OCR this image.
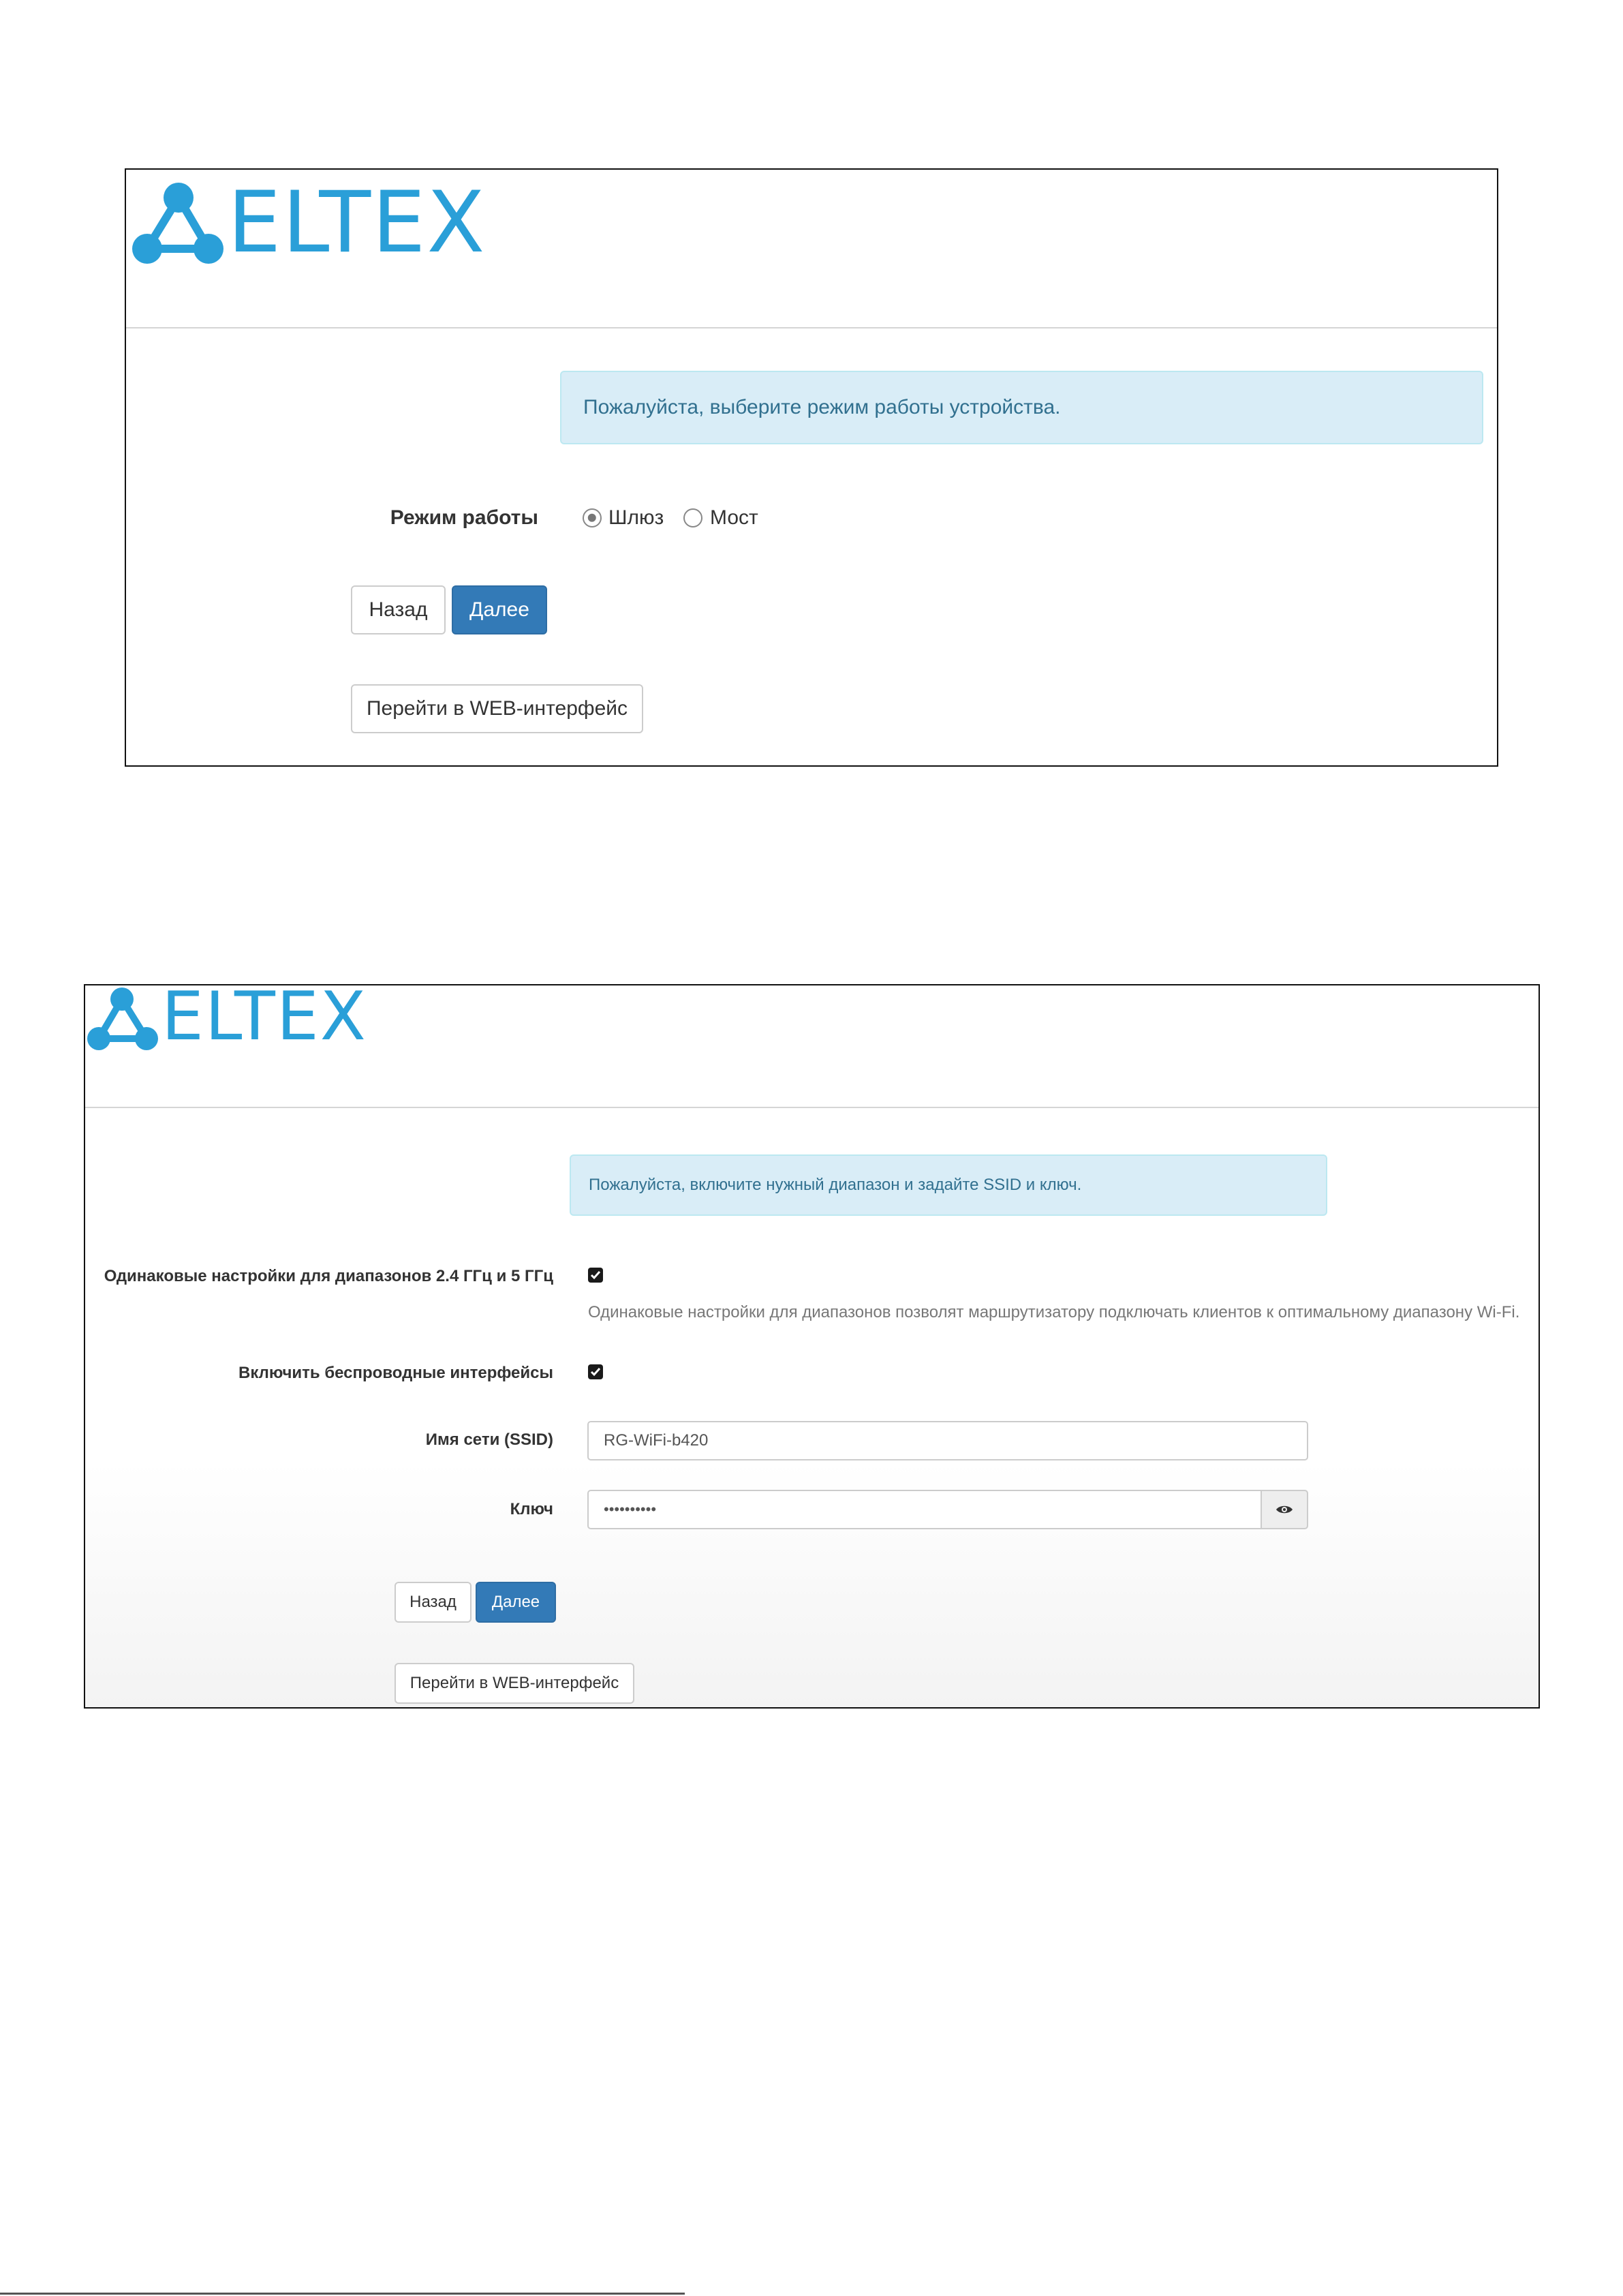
ELTEX
Пожалуйста, выберите режим работы устройства.
Режим работы	Шлюз Мост
Назад	Далее
Перейти в WEB-интерфейс
ELTEX
Пожалуйста, включите нужный диапазон и задайте SSID и ключ.
Одинаковые настройки для диапазонов 2.4 ГГц и 5 ГГц
Одинаковые настройки для диапазонов позволят маршрутизатору подключать клиентов к оптимальному диапазону Wi-Fi.
Включить беспроводные интерфейсы
Имя сети (SSID)	RG-WiFi-b420
Ключ	••••••••••
Назад	Далее
Перейти в WEB-интерфейс
